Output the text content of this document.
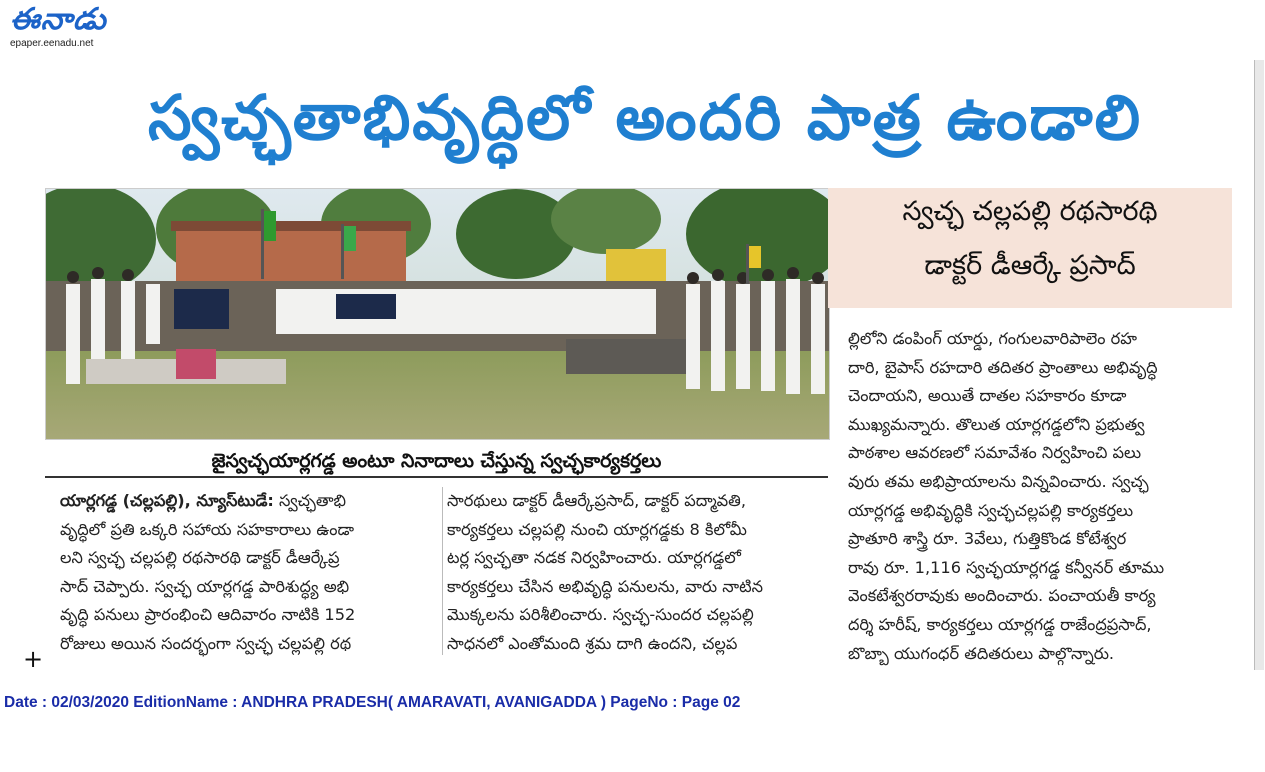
ఈనాడు
epaper.eenadu.net
స్వచ్ఛతాభివృద్ధిలో అందరి పాత్ర ఉండాలి
జైస్వచ్ఛయార్లగడ్డ అంటూ నినాదాలు చేస్తున్న స్వచ్ఛకార్యకర్తలు
స్వచ్ఛ చల్లపల్లి రథసారథి
డాక్టర్ డీఆర్కే ప్రసాద్

యార్లగడ్డ (చల్లపల్లి), న్యూస్‌టుడే: స్వచ్ఛతాభి

వృద్ధిలో ప్రతి ఒక్కరి సహాయ సహకారాలు ఉండా

లని స్వచ్ఛ చల్లపల్లి రథసారథి డాక్టర్ డీఆర్కేప్ర

సాద్ చెప్పారు. స్వచ్ఛ యార్లగడ్డ పారిశుద్ధ్య అభి

వృద్ధి పనులు ప్రారంభించి ఆదివారం నాటికి 152

రోజులు అయిన సందర్భంగా స్వచ్ఛ చల్లపల్లి రథ

సారథులు డాక్టర్ డీఆర్కేప్రసాద్, డాక్టర్ పద్మావతి,

కార్యకర్తలు చల్లపల్లి నుంచి యార్లగడ్డకు 8 కిలోమీ

టర్ల స్వచ్ఛతా నడక నిర్వహించారు. యార్లగడ్డలో

కార్యకర్తలు చేసిన అభివృద్ధి పనులను, వారు నాటిన

మొక్కలను పరిశీలించారు. స్వచ్ఛ-సుందర చల్లపల్లి

సాధనలో ఎంతోమంది శ్రమ దాగి ఉందని, చల్లప

ల్లిలోని డంపింగ్ యార్డు, గంగులవారిపాలెం రహ

దారి, బైపాస్ రహదారి తదితర ప్రాంతాలు అభివృద్ధి

చెందాయని, అయితే దాతల సహకారం కూడా

ముఖ్యమన్నారు. తొలుత యార్లగడ్డలోని ప్రభుత్వ

పాఠశాల ఆవరణలో సమావేశం నిర్వహించి పలు

వురు తమ అభిప్రాయాలను విన్నవించారు. స్వచ్ఛ

యార్లగడ్డ అభివృద్ధికి స్వచ్ఛచల్లపల్లి కార్యకర్తలు

ప్రాతూరి శాస్త్రి రూ. 3వేలు, గుత్తికొండ కోటేశ్వర

రావు రూ. 1,116 స్వచ్ఛయార్లగడ్డ కన్వీనర్ తూము

వెంకటేశ్వరరావుకు అందించారు. పంచాయతీ కార్య

దర్శి హరీష్, కార్యకర్తలు యార్లగడ్డ రాజేంద్రప్రసాద్,

బొబ్బా యుగంధర్ తదితరులు పాల్గొన్నారు.

+
Date : 02/03/2020 EditionName : ANDHRA PRADESH( AMARAVATI, AVANIGADDA ) PageNo : Page 02
